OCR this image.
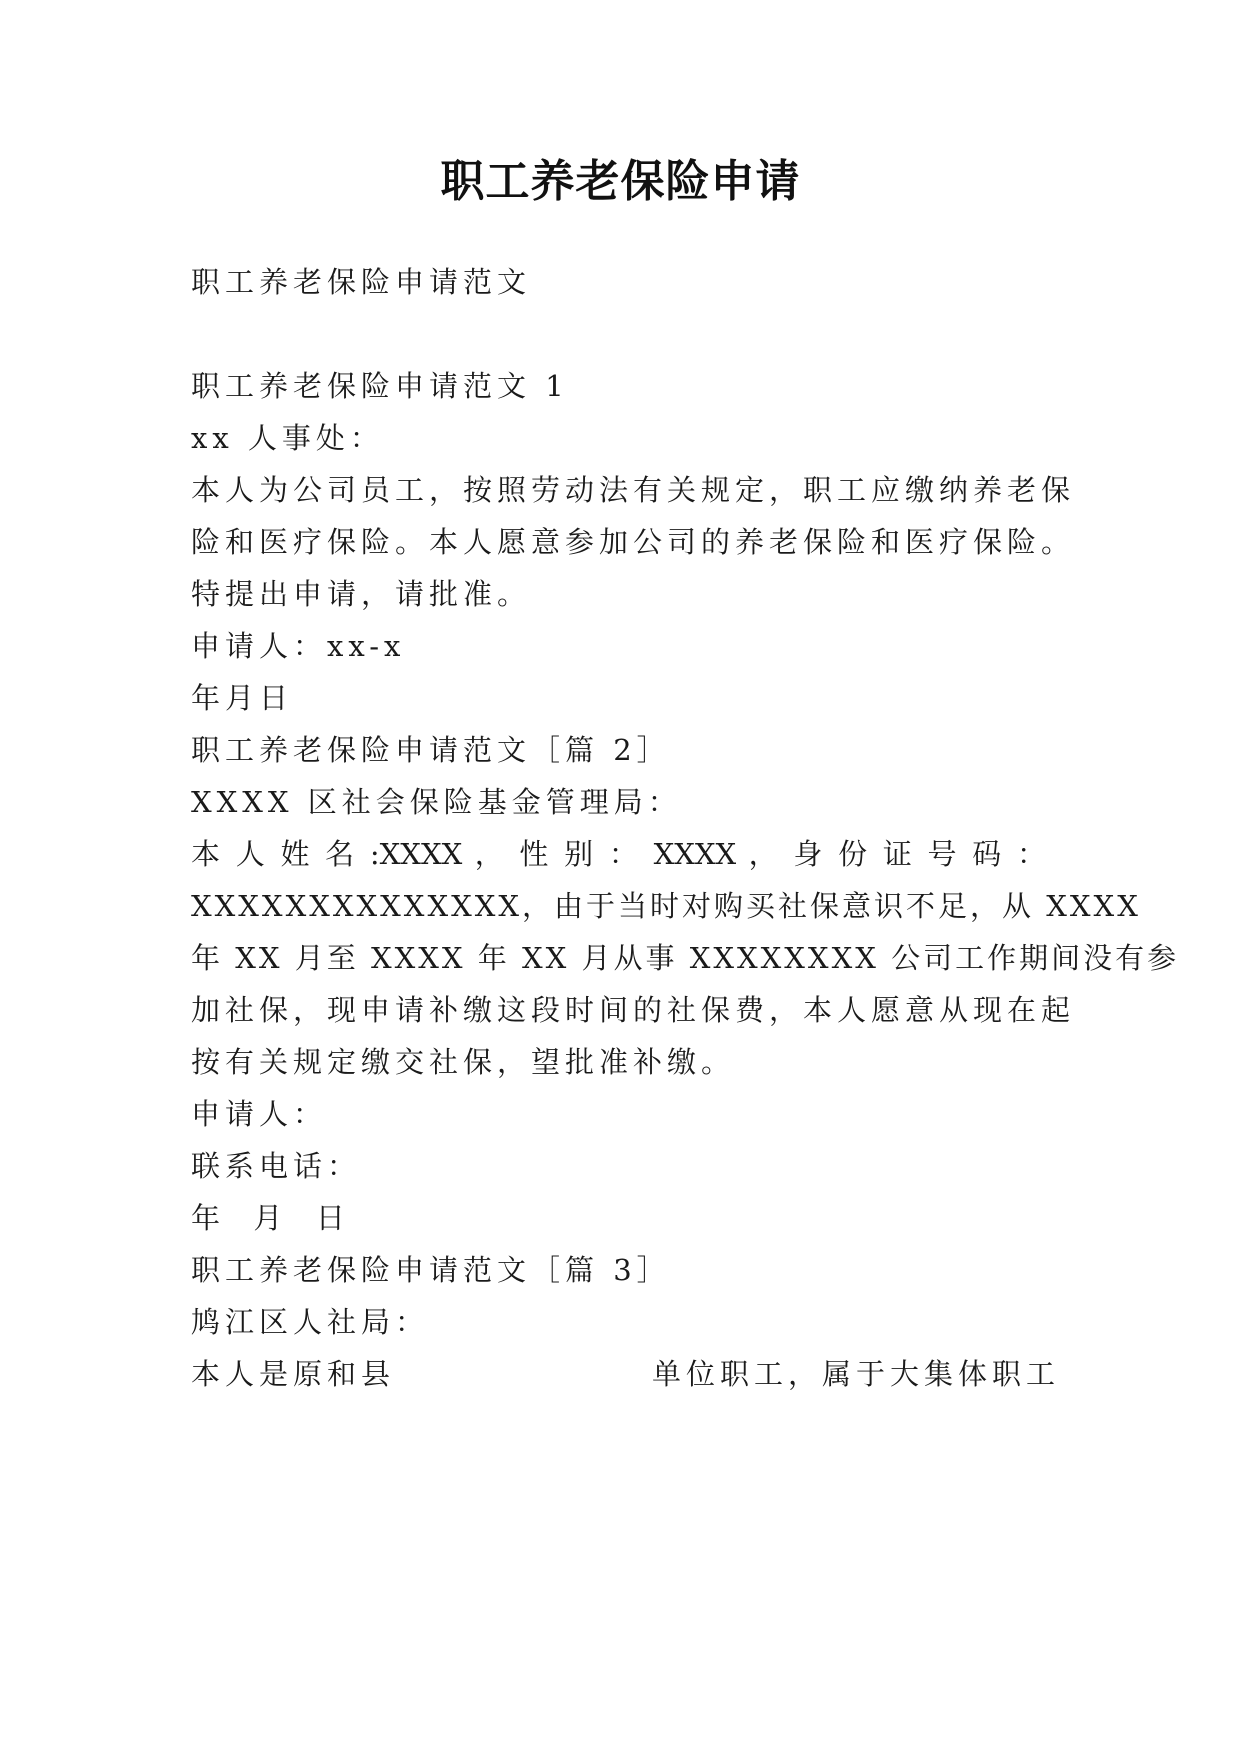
职工养老保险申请
职工养老保险申请范文
职工养老保险申请范文 1
xx 人事处：
本人为公司员工，按照劳动法有关规定，职工应缴纳养老保
险和医疗保险。本人愿意参加公司的养老保险和医疗保险。
特提出申请，请批准。
申请人：xx-x
年月日
职工养老保险申请范文［篇 2］
XXXX 区社会保险基金管理局：
本 人 姓 名 :XXXX ， 性 别 ： XXXX ， 身 份 证 号 码 ：
XXXXXXXXXXXXXX，由于当时对购买社保意识不足，从 XXXX
年 XX 月至 XXXX 年 XX 月从事 XXXXXXXX 公司工作期间没有参
加社保，现申请补缴这段时间的社保费，本人愿意从现在起
按有关规定缴交社保，望批准补缴。
申请人：
联系电话：
年  月  日
职工养老保险申请范文［篇 3］
鸠江区人社局：
本人是原和县	单位职工，属于大集体职工
